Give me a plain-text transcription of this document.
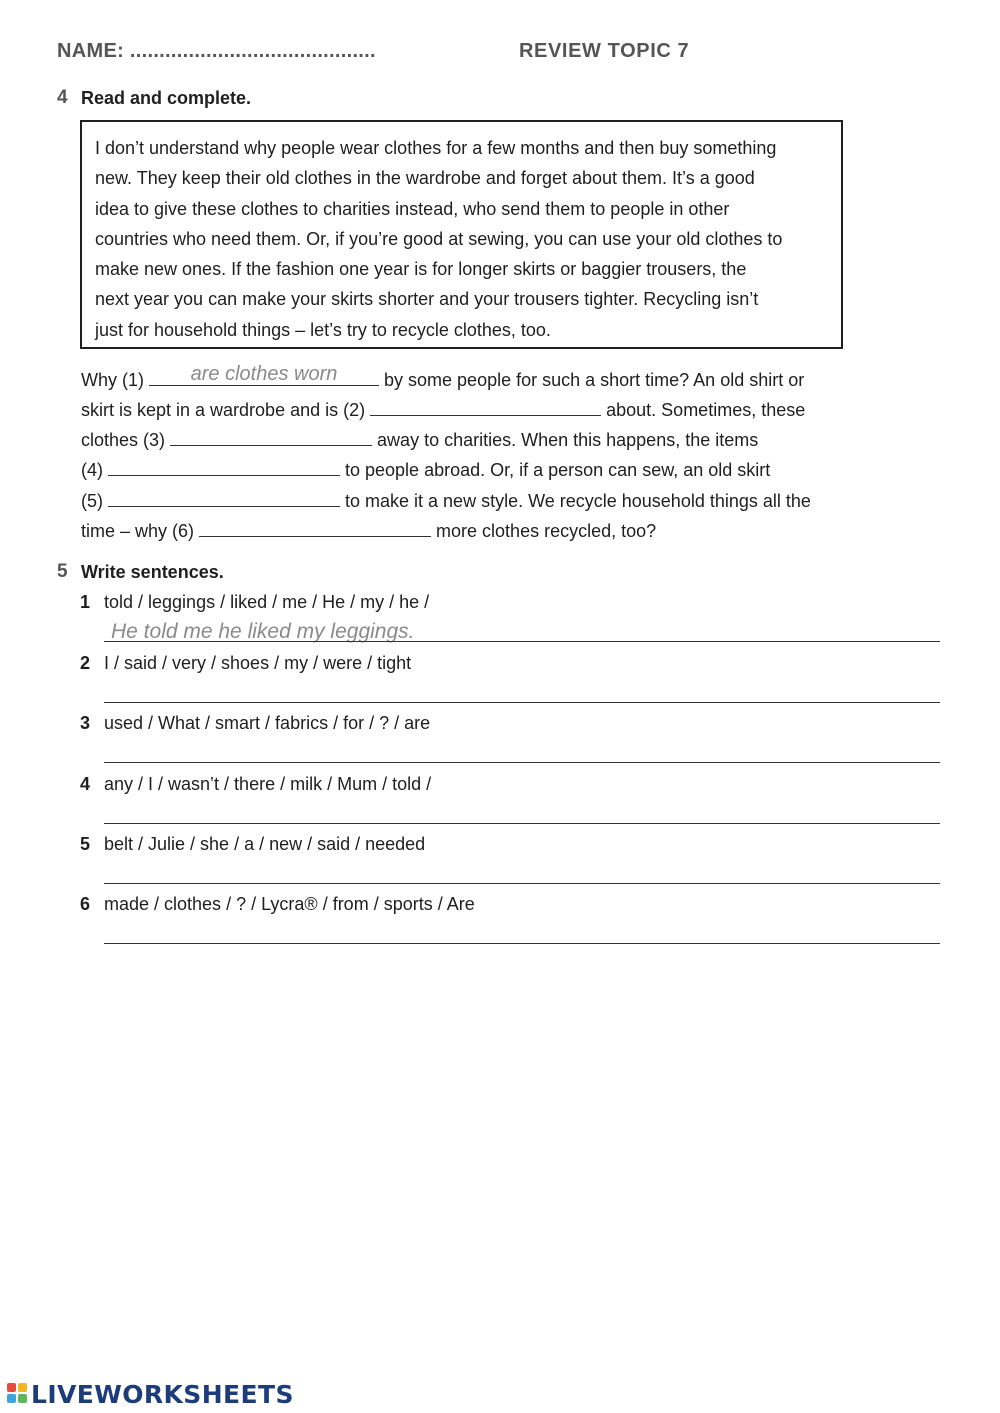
NAME: ..........................................	REVIEW TOPIC 7
4 Read and complete.
I don’t understand why people wear clothes for a few months and then buy something
new. They keep their old clothes in the wardrobe and forget about them. It’s a good
idea to give these clothes to charities instead, who send them to people in other
countries who need them. Or, if you’re good at sewing, you can use your old clothes to
make new ones. If the fashion one year is for longer skirts or baggier trousers, the
next year you can make your skirts shorter and your trousers tighter. Recycling isn’t
just for household things – let’s try to recycle clothes, too.
Why (1)	are clothes worn	by some people for such a short time? An old shirt or
skirt is kept in a wardrobe and is (2)	about. Sometimes, these
clothes (3)	away to charities. When this happens, the items
(4)	to people abroad. Or, if a person can sew, an old skirt
(5)	to make it a new style. We recycle household things all the
time – why (6)	more clothes recycled, too?
5 Write sentences.
1 told / leggings / liked / me / He / my / he /
He told me he liked my leggings.
2 I / said / very / shoes / my / were / tight
3 used / What / smart / fabrics / for / ? / are
4 any / I / wasn’t / there / milk / Mum / told /
5 belt / Julie / she / a / new / said / needed
6 made / clothes / ? / Lycra® / from / sports / Are
LIVEWORKSHEETS
